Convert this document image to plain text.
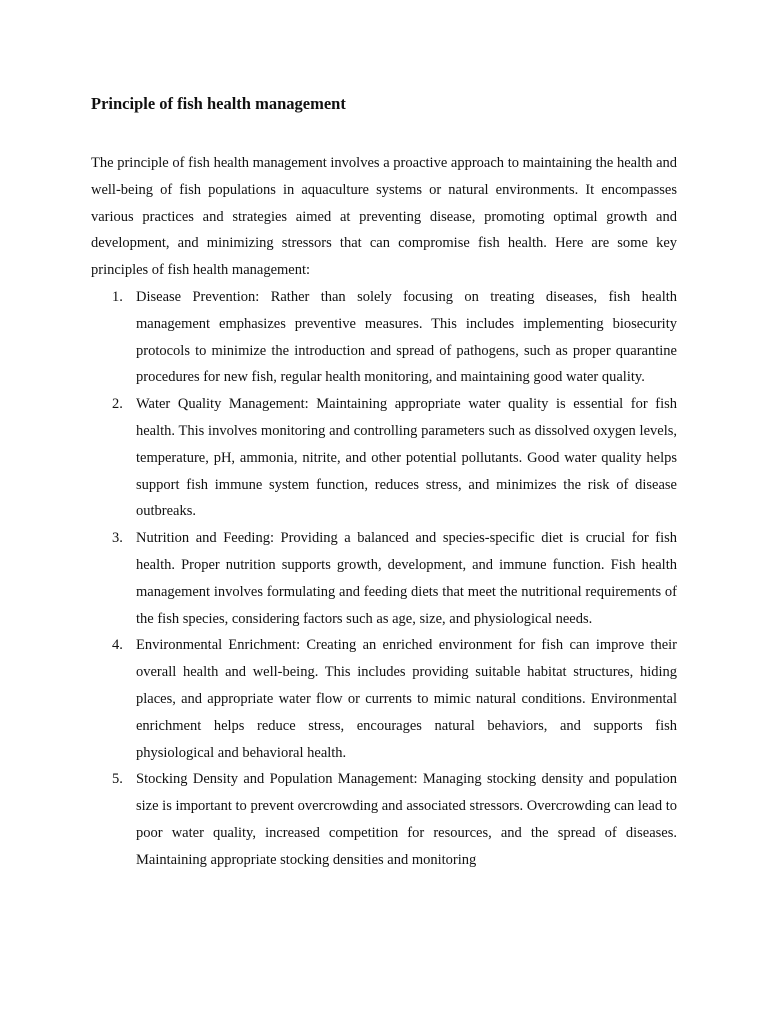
Principle of fish health management

The principle of fish health management involves a proactive approach to maintaining the health and well-being of fish populations in aquaculture systems or natural environments. It encompasses various practices and strategies aimed at preventing disease, promoting optimal growth and development, and minimizing stressors that can compromise fish health. Here are some key principles of fish health management:

1. Disease Prevention: Rather than solely focusing on treating diseases, fish health management emphasizes preventive measures. This includes implementing biosecurity protocols to minimize the introduction and spread of pathogens, such as proper quarantine procedures for new fish, regular health monitoring, and maintaining good water quality.
2. Water Quality Management: Maintaining appropriate water quality is essential for fish health. This involves monitoring and controlling parameters such as dissolved oxygen levels, temperature, pH, ammonia, nitrite, and other potential pollutants. Good water quality helps support fish immune system function, reduces stress, and minimizes the risk of disease outbreaks.
3. Nutrition and Feeding: Providing a balanced and species-specific diet is crucial for fish health. Proper nutrition supports growth, development, and immune function. Fish health management involves formulating and feeding diets that meet the nutritional requirements of the fish species, considering factors such as age, size, and physiological needs.
4. Environmental Enrichment: Creating an enriched environment for fish can improve their overall health and well-being. This includes providing suitable habitat structures, hiding places, and appropriate water flow or currents to mimic natural conditions. Environmental enrichment helps reduce stress, encourages natural behaviors, and supports fish physiological and behavioral health.
5. Stocking Density and Population Management: Managing stocking density and population size is important to prevent overcrowding and associated stressors. Overcrowding can lead to poor water quality, increased competition for resources, and the spread of diseases. Maintaining appropriate stocking densities and monitoring
